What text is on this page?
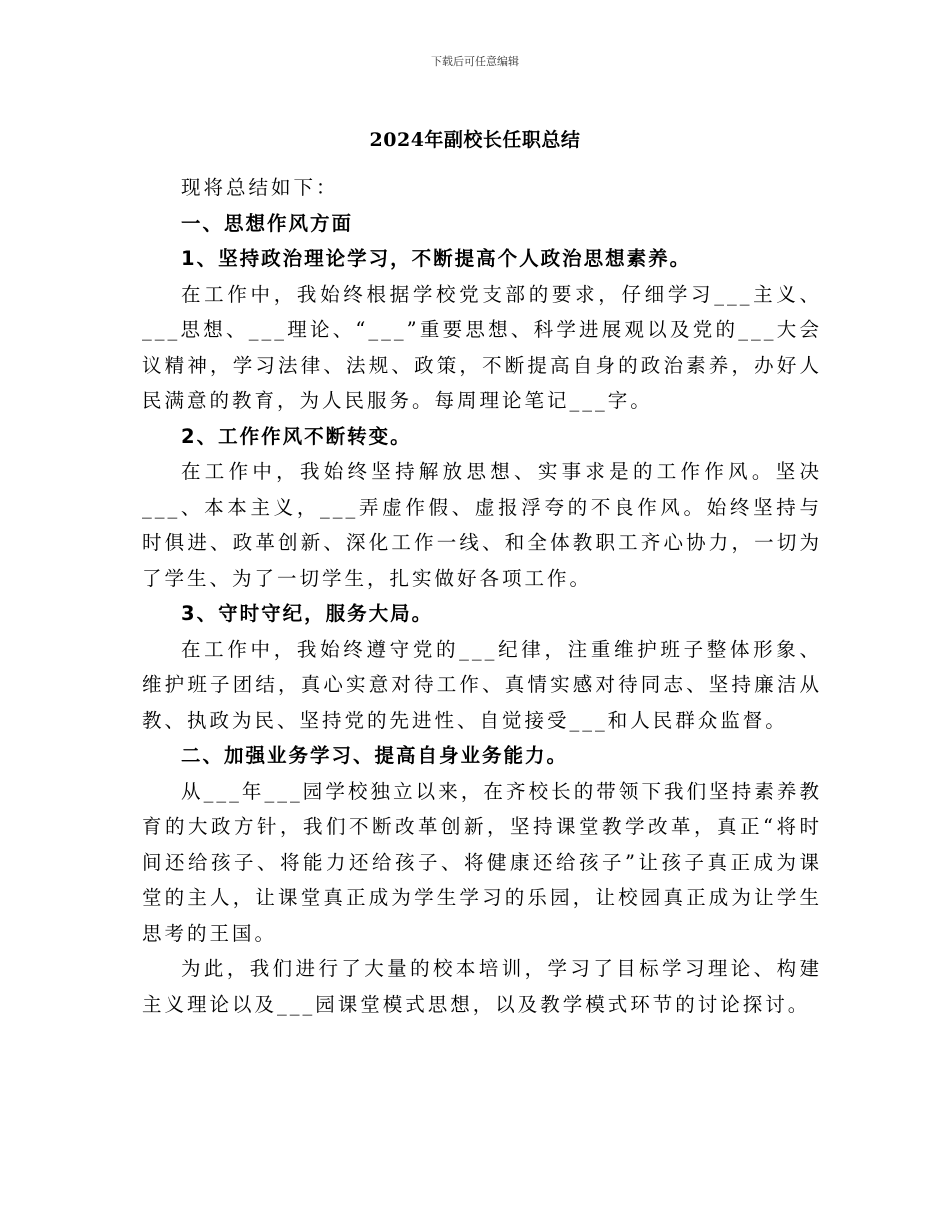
下载后可任意编辑
2024年副校长任职总结

现将总结如下：

一、思想作风方面

1、坚持政治理论学习，不断提高个人政治思想素养。

在工作中，我始终根据学校党支部的要求，仔细学习___主义、___思想、___理论、“___”重要思想、科学进展观以及党的___大会议精神，学习法律、法规、政策，不断提高自身的政治素养，办好人民满意的教育，为人民服务。每周理论笔记___字。

2、工作作风不断转变。

在工作中，我始终坚持解放思想、实事求是的工作作风。坚决___、本本主义，___弄虚作假、虚报浮夸的不良作风。始终坚持与时俱进、政革创新、深化工作一线、和全体教职工齐心协力，一切为了学生、为了一切学生，扎实做好各项工作。

3、守时守纪，服务大局。

在工作中，我始终遵守党的___纪律，注重维护班子整体形象、维护班子团结，真心实意对待工作、真情实感对待同志、坚持廉洁从教、执政为民、坚持党的先进性、自觉接受___和人民群众监督。

二、加强业务学习、提高自身业务能力。

从___年___园学校独立以来，在齐校长的带领下我们坚持素养教育的大政方针，我们不断改革创新，坚持课堂教学改革，真正“将时间还给孩子、将能力还给孩子、将健康还给孩子”让孩子真正成为课堂的主人，让课堂真正成为学生学习的乐园，让校园真正成为让学生思考的王国。

为此，我们进行了大量的校本培训，学习了目标学习理论、构建主义理论以及___园课堂模式思想，以及教学模式环节的讨论探讨。
